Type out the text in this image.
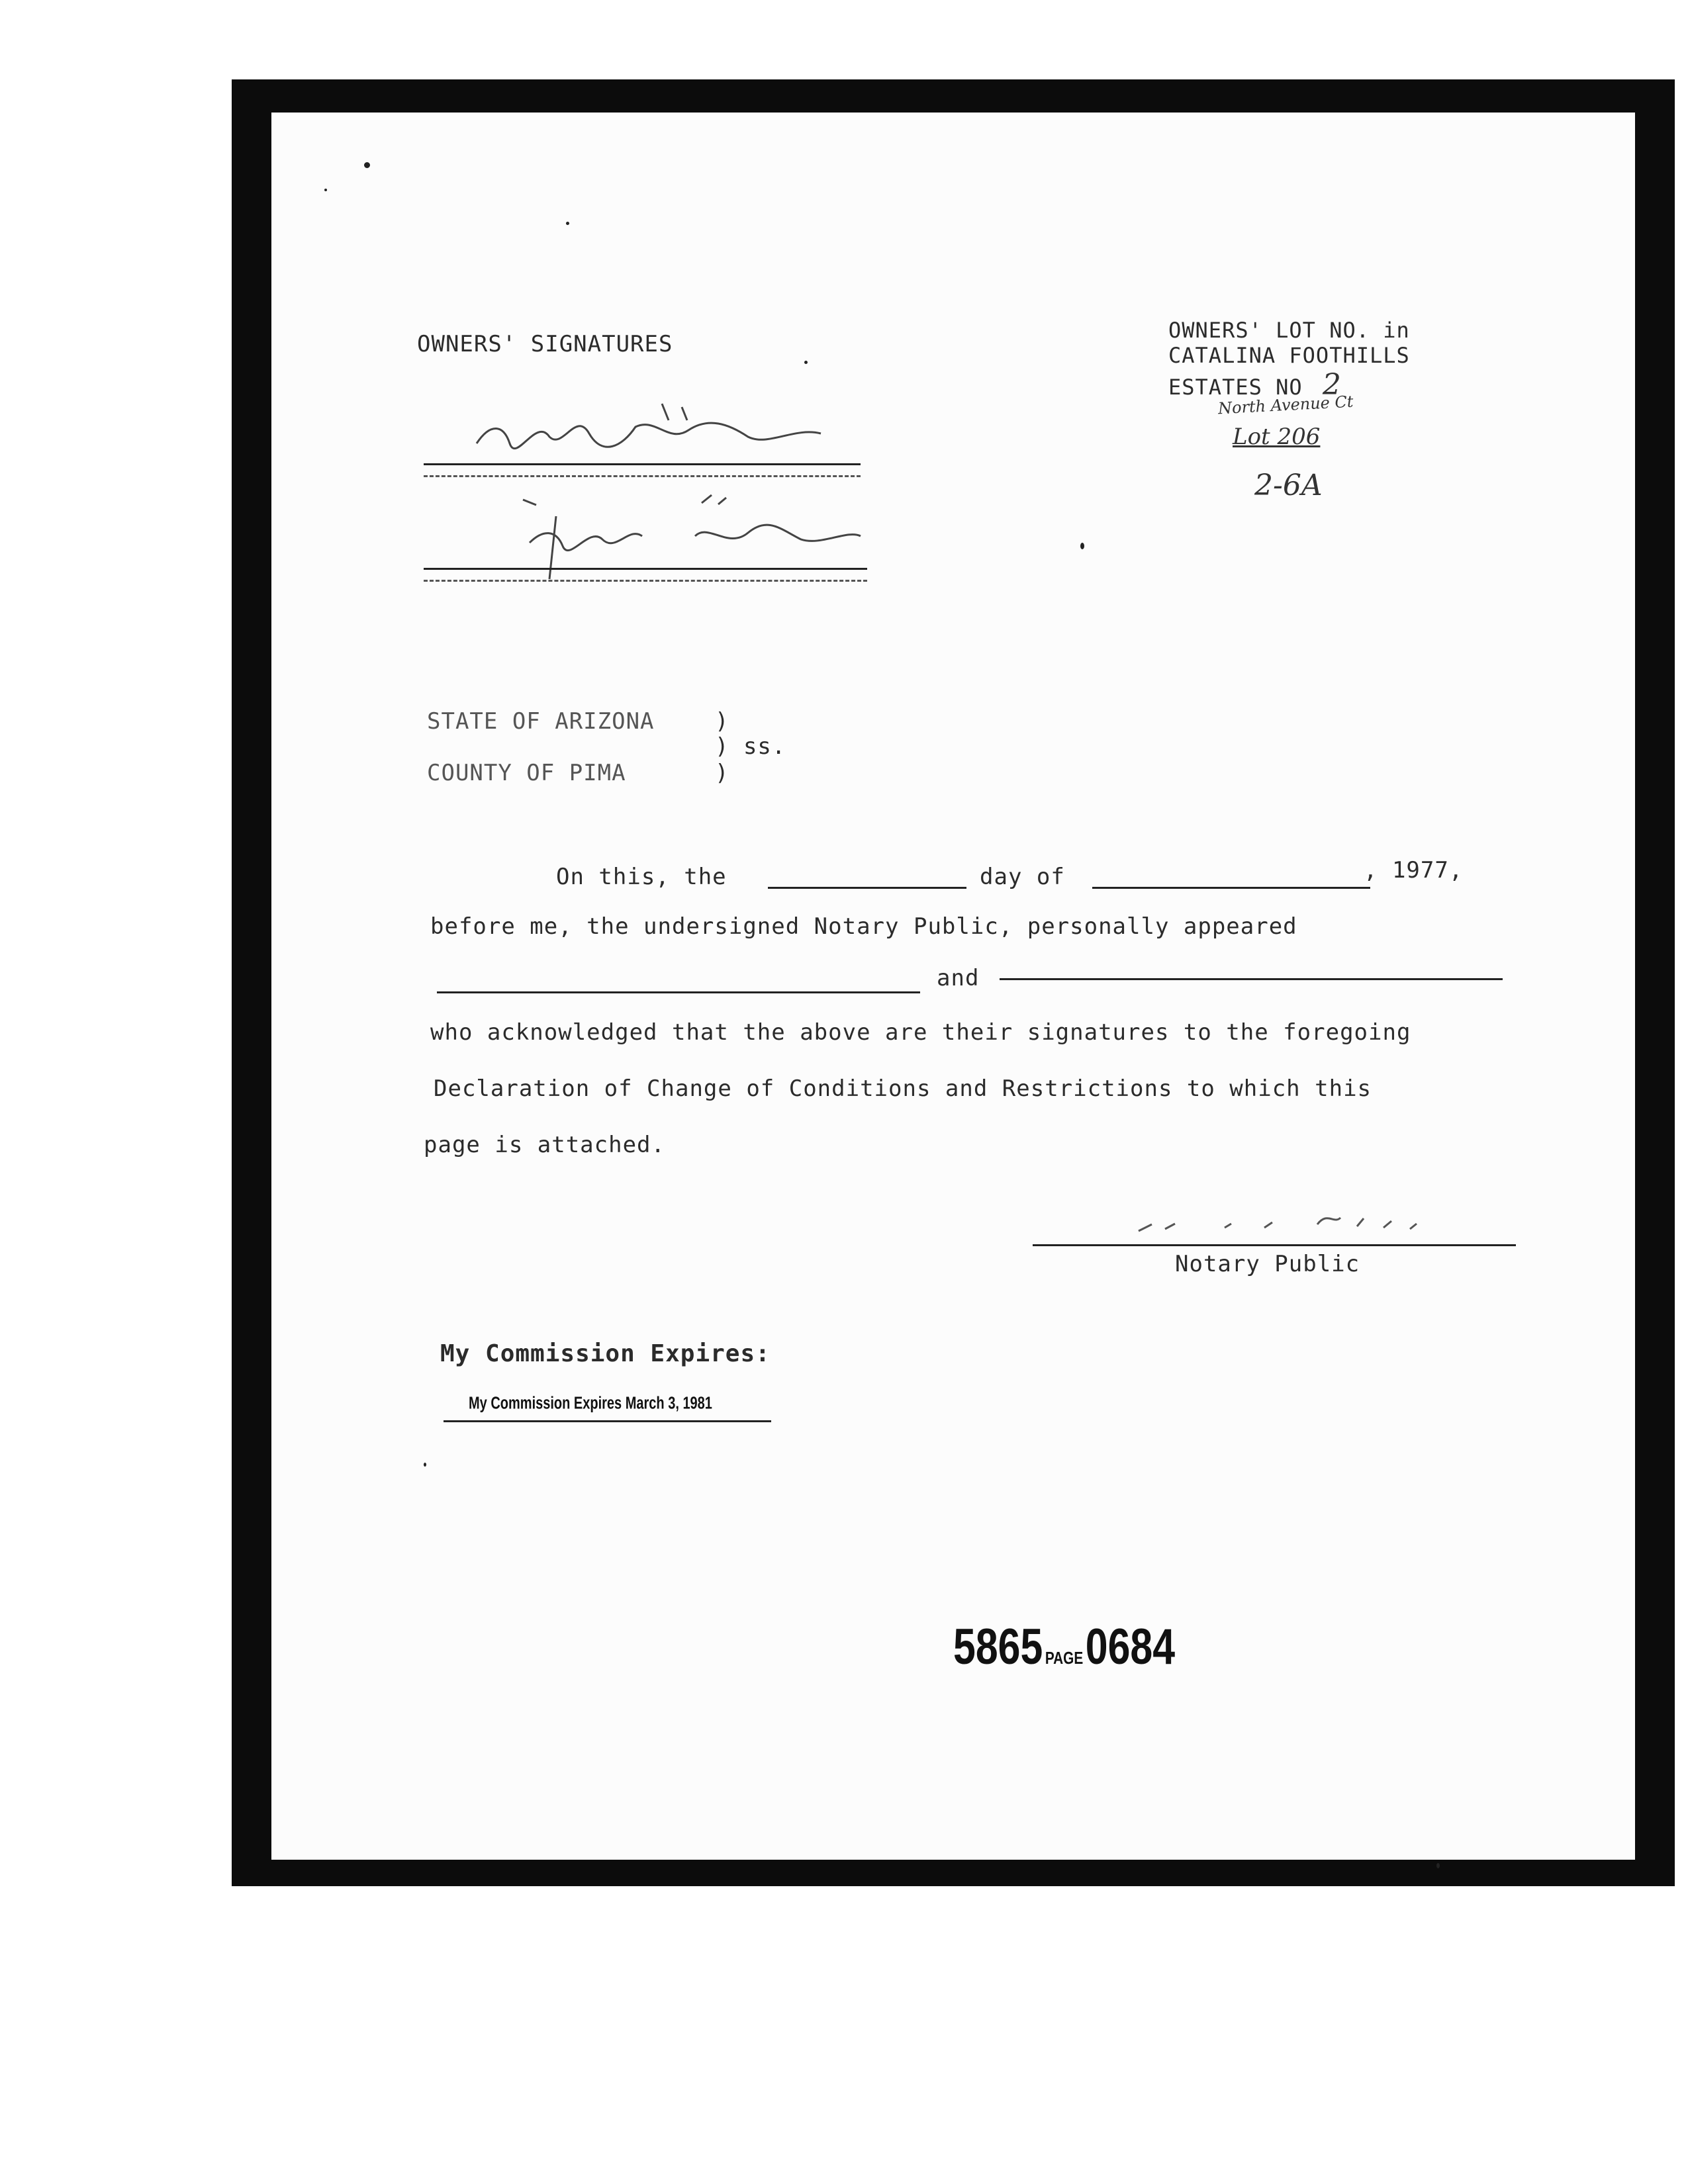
OWNERS' SIGNATURES
OWNERS' LOT NO. in
CATALINA FOOTHILLS
ESTATES NO 2
North Avenue Ct
Lot 206
2-6A
STATE OF ARIZONA	)
) ss.
COUNTY OF PIMA	)
On this, the	day of	, 1977,
before me, the undersigned Notary Public, personally appeared
and
who acknowledged that the above are their signatures to the foregoing
Declaration of Change of Conditions and Restrictions to which this
page is attached.
Notary Public
My Commission Expires:
My Commission Expires March 3, 1981
5865 PAGE 0684
